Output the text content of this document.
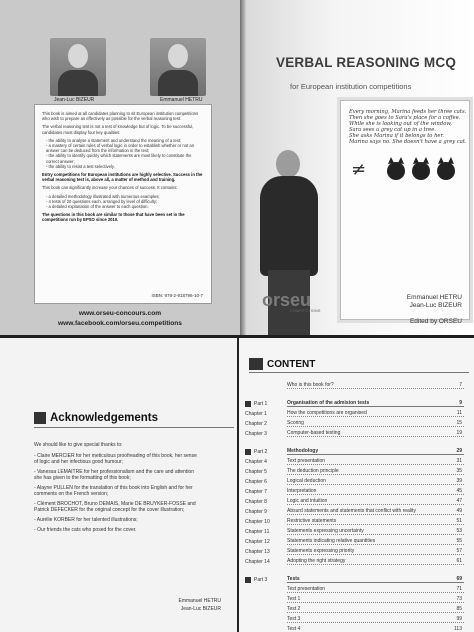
Jean-Luc BIZEUR	Emmanuel HETRU

This book is aimed at all candidates planning to sit European institution competitions who wish to prepare as effectively as possible for the verbal reasoning test.

The verbal reasoning test is not a test of knowledge but of logic. To be successful, candidates must display four key qualities:

- the ability to analyse a statement and understand the meaning of a text;
- a mastery of certain rules of verbal logic in order to establish whether or not an answer can be deduced from the information in the text;
- the ability to identify quickly which statements are most likely to constitute the correct answer;
- the ability to resist a test selectively.

Entry competitions for European institutions are highly selective. Success in the verbal reasoning test is, above all, a matter of method and training.

This book can significantly increase your chances of success. It contains:

- a detailed methodology illustrated with numerous examples;
- 4 tests of 20 questions each, arranged by level of difficulty;
- a detailed explanation of the answer to each question.

The questions in this book are similar to those that have been set in the competitions run by EPSO since 2010.

ISBN: 978-2-918796-10-7
www.orseu-concours.com
www.facebook.com/orseu.competitions
VERBAL REASONING MCQ
for European institution competitions
Every morning, Marina feeds her three cats.
Then she goes to Sara's place for a coffee.
While she is looking out of the window,
Sara sees a grey cat up in a tree.
She asks Marina if it belongs to her.
Marina says no. She doesn't have a grey cat.
≠
orseu
COMPETITIONS
Emmanuel HETRU
Jean-Luc BIZEUR
Edited by ORSEU
Acknowledgements
We should like to give special thanks to:
- Claire MERCIER for her meticulous proofreading of this book, her sense of logic and her infectious good humour;
- Vanessa LEMAITRE for her professionalism and the care and attention she has given to the formatting of this book;
- Alayne PULLEN for the translation of this book into English and for her comments on the French version;
- Clément BROCHOT, Bruno DEMAIS, Marie DE BRUYKER-FOSSE and Patrick DEFECKER for the original concept for the cover illustration;
- Aurélie KORBER for her talented illustrations;
- Our friends the cats who posed for the cover.
Emmanuel HETRU
Jean-Luc BIZEUR
CONTENT
Who is this book for?	7
Part 1	Organisation of the admision tests	9
Chapter 1	How the competitions are organised	11
Chapter 2	Scoring	15
Chapter 3	Computer-based testing	19
Part 2	Methodology	29
Chapter 4	Text presentation	31
Chapter 5	The deduction principle	35
Chapter 6	Logical deduction	39
Chapter 7	Interpretation	45
Chapter 8	Logic and intuition	47
Chapter 9	Absurd statements and statements that conflict with reality	49
Chapter 10	Restrictive statements	51
Chapter 11	Statements expressing uncertainty	53
Chapter 12	Statements indicating relative quantities	55
Chapter 13	Statements expressing priority	57
Chapter 14	Adopting the right strategy	61
Part 3	Tests	69
Test presentation	71
Test 1	73
Test 2	85
Test 3	99
Test 4	113
